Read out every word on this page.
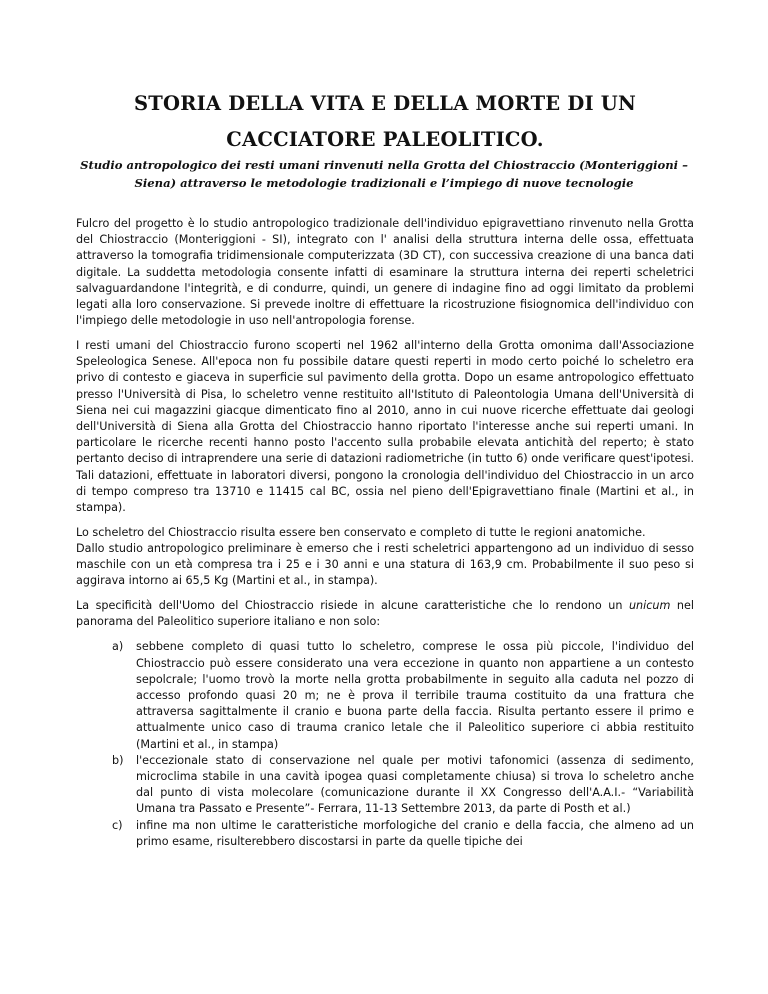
STORIA DELLA VITA E DELLA MORTE DI UN CACCIATORE PALEOLITICO.
Studio antropologico dei resti umani rinvenuti nella Grotta del Chiostraccio (Monteriggioni – Siena) attraverso le metodologie tradizionali e l’impiego di nuove tecnologie

Fulcro del progetto è lo studio antropologico tradizionale dell'individuo epigravettiano rinvenuto nella Grotta del Chiostraccio (Monteriggioni - SI), integrato con l' analisi della struttura interna delle ossa, effettuata attraverso la tomografia tridimensionale computerizzata (3D CT), con successiva creazione di una banca dati digitale. La suddetta metodologia consente infatti di esaminare la struttura interna dei reperti scheletrici salvaguardandone l'integrità, e di condurre, quindi, un genere di indagine fino ad oggi limitato da problemi legati alla loro conservazione. Si prevede inoltre di effettuare la ricostruzione fisiognomica dell'individuo con l'impiego delle metodologie in uso nell'antropologia forense.

I resti umani del Chiostraccio furono scoperti nel 1962 all'interno della Grotta omonima dall'Associazione Speleologica Senese. All'epoca non fu possibile datare questi reperti in modo certo poiché lo scheletro era privo di contesto e giaceva in superficie sul pavimento della grotta. Dopo un esame antropologico effettuato presso l'Università di Pisa, lo scheletro venne restituito all'Istituto di Paleontologia Umana dell'Università di Siena nei cui magazzini giacque dimenticato fino al 2010, anno in cui nuove ricerche effettuate dai geologi dell'Università di Siena alla Grotta del Chiostraccio hanno riportato l'interesse anche sui reperti umani. In particolare le ricerche recenti hanno posto l'accento sulla probabile elevata antichità del reperto; è stato pertanto deciso di intraprendere una serie di datazioni radiometriche (in tutto 6) onde verificare quest'ipotesi. Tali datazioni, effettuate in laboratori diversi, pongono la cronologia dell'individuo del Chiostraccio in un arco di tempo compreso tra 13710 e 11415 cal BC, ossia nel pieno dell'Epigravettiano finale (Martini et al., in stampa).

Lo scheletro del Chiostraccio risulta essere ben conservato e completo di tutte le regioni anatomiche.

Dallo studio antropologico preliminare è emerso che i resti scheletrici appartengono ad un individuo di sesso maschile con un età compresa tra i 25 e i 30 anni e una statura di 163,9 cm. Probabilmente il suo peso si aggirava intorno ai 65,5 Kg (Martini et al., in stampa).

La specificità dell'Uomo del Chiostraccio risiede in alcune caratteristiche che lo rendono un unicum nel panorama del Paleolitico superiore italiano e non solo:

a) sebbene completo di quasi tutto lo scheletro, comprese le ossa più piccole, l'individuo del Chiostraccio può essere considerato una vera eccezione in quanto non appartiene a un contesto sepolcrale; l'uomo trovò la morte nella grotta probabilmente in seguito alla caduta nel pozzo di accesso profondo quasi 20 m; ne è prova il terribile trauma costituito da una frattura che attraversa sagittalmente il cranio e buona parte della faccia. Risulta pertanto essere il primo e attualmente unico caso di trauma cranico letale che il Paleolitico superiore ci abbia restituito (Martini et al., in stampa)
b) l'eccezionale stato di conservazione nel quale per motivi tafonomici (assenza di sedimento, microclima stabile in una cavità ipogea quasi completamente chiusa) si trova lo scheletro anche dal punto di vista molecolare (comunicazione durante il XX Congresso dell'A.A.I.- “Variabilità Umana tra Passato e Presente”- Ferrara, 11-13 Settembre 2013, da parte di Posth et al.)
c) infine ma non ultime le caratteristiche morfologiche del cranio e della faccia, che almeno ad un primo esame, risulterebbero discostarsi in parte da quelle tipiche dei
